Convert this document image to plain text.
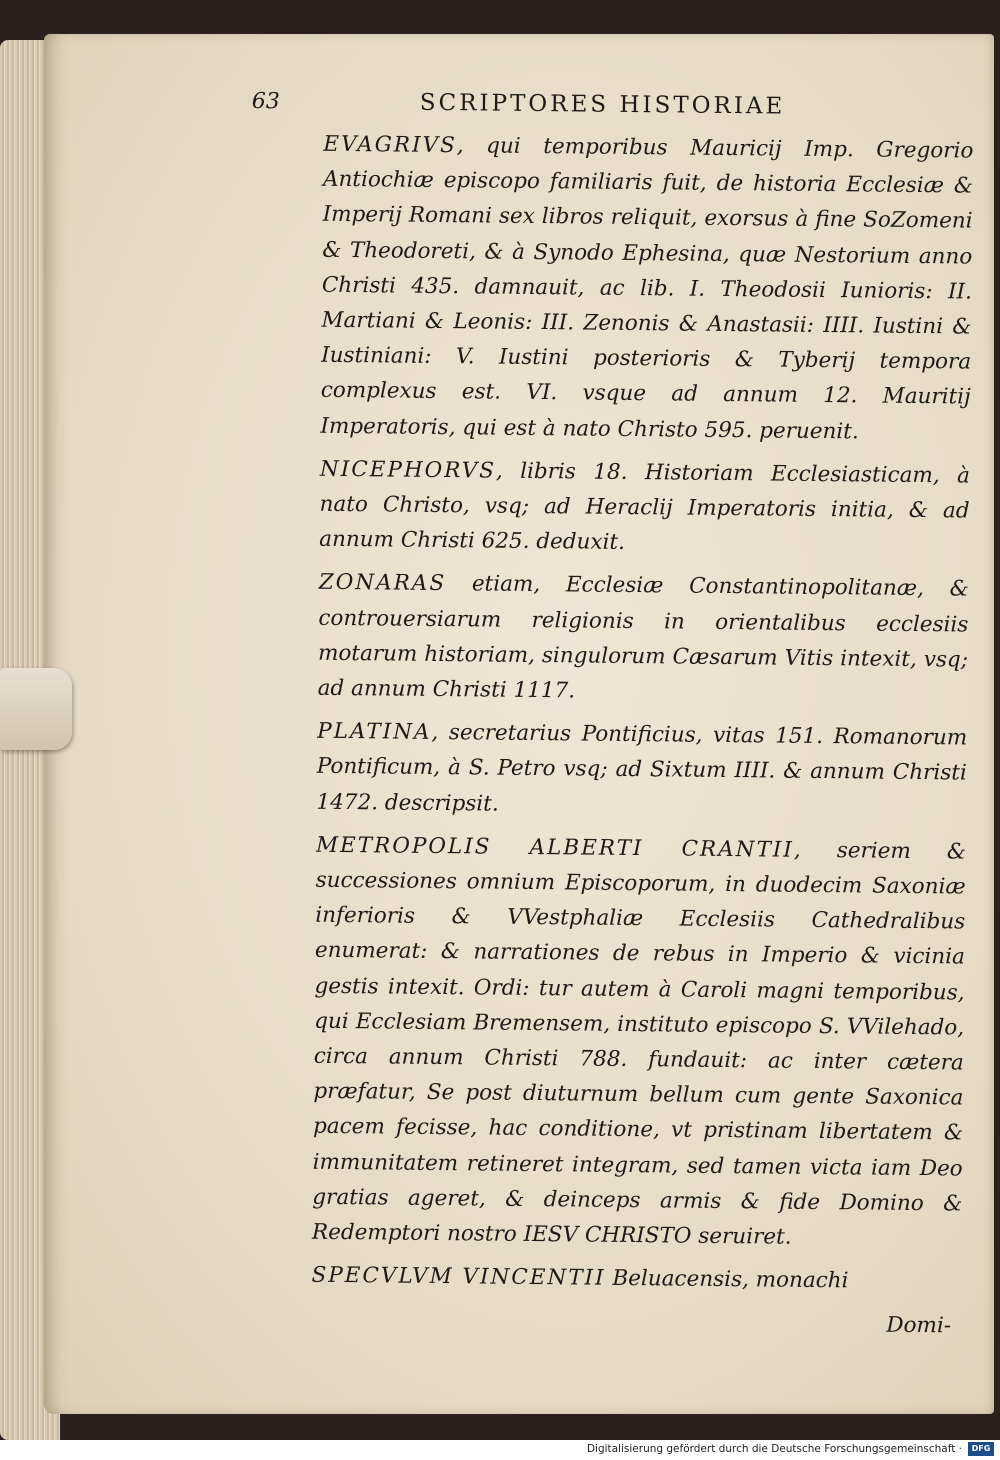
63	SCRIPTORES HISTORIAE

EVAGRIVS, qui temporibus Mauricij Imp. Gregorio Antiochiæ episcopo familiaris fuit, de historia Ecclesiæ & Imperij Romani sex libros reliquit, exorsus à fine SoZomeni & Theodoreti, & à Synodo Ephesina, quæ Nestorium anno Christi 435. damnauit, ac lib. I. Theodosii Iunioris: II. Martiani & Leonis: III. Zenonis & Anastasii: IIII. Iustini & Iustiniani: V. Iustini posterioris & Tyberij tempora complexus est. VI. vsque ad annum 12. Mauritij Imperatoris, qui est à nato Christo 595. peruenit.

NICEPHORVS, libris 18. Historiam Ecclesiasticam, à nato Christo, vsq; ad Heraclij Imperatoris initia, & ad annum Christi 625. deduxit.

ZONARAS etiam, Ecclesiæ Constantinopolitanæ, & controuersiarum religionis in orientalibus ecclesiis motarum historiam, singulorum Cæsarum Vitis intexit, vsq; ad annum Christi 1117.

PLATINA, secretarius Pontificius, vitas 151. Romanorum Pontificum, à S. Petro vsq; ad Sixtum IIII. & annum Christi 1472. descripsit.

METROPOLIS ALBERTI CRANTII, seriem & successiones omnium Episcoporum, in duodecim Saxoniæ inferioris & VVestphaliæ Ecclesiis Cathedralibus enumerat: & narrationes de rebus in Imperio & vicinia gestis intexit. Ordi: tur autem à Caroli magni temporibus, qui Ecclesiam Bremensem, instituto episcopo S. VVilehado, circa annum Christi 788. fundauit: ac inter cætera præfatur, Se post diuturnum bellum cum gente Saxonica pacem fecisse, hac conditione, vt pristinam libertatem & immunitatem retineret integram, sed tamen victa iam Deo gratias ageret, & deinceps armis & fide Domino & Redemptori nostro IESV CHRISTO seruiret.

SPECVLVM VINCENTII Beluacensis, monachi

Domi-
Digitalisierung gefördert durch die Deutsche Forschungsgemeinschaft ·	DFG
